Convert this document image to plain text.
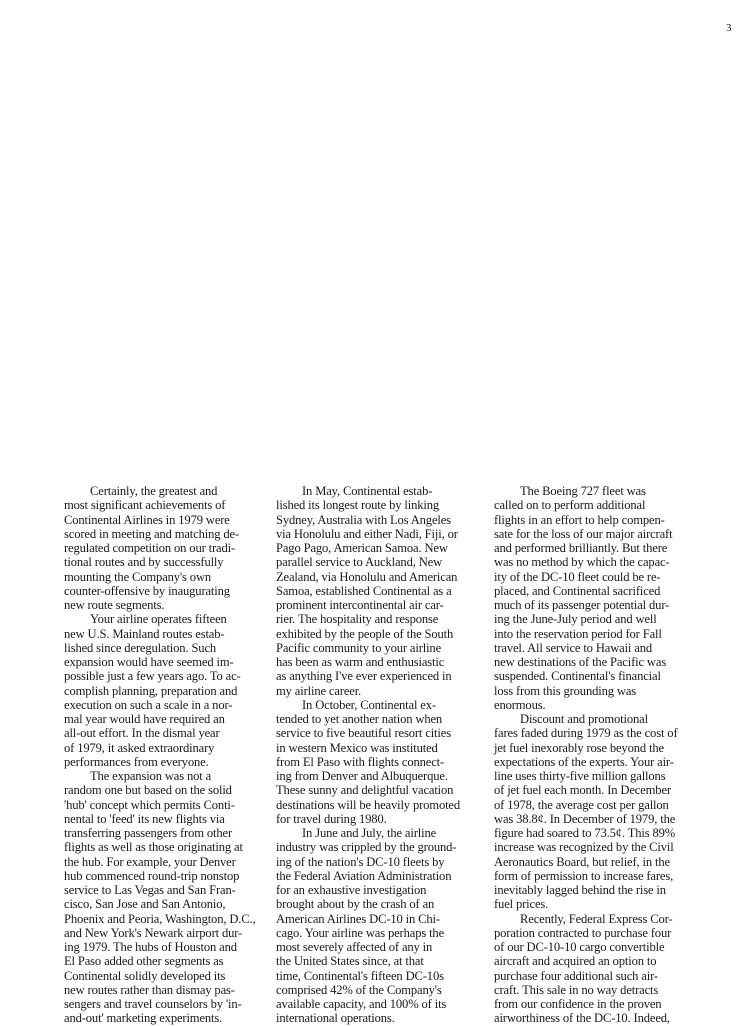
3

Certainly, the greatest and
most significant achievements of
Continental Airlines in 1979 were
scored in meeting and matching de-
regulated competition on our tradi-
tional routes and by successfully
mounting the Company's own
counter-offensive by inaugurating
new route segments.

Your airline operates fifteen
new U.S. Mainland routes estab-
lished since deregulation. Such
expansion would have seemed im-
possible just a few years ago. To ac-
complish planning, preparation and
execution on such a scale in a nor-
mal year would have required an
all-out effort. In the dismal year
of 1979, it asked extraordinary
performances from everyone.

The expansion was not a
random one but based on the solid
'hub' concept which permits Conti-
nental to 'feed' its new flights via
transferring passengers from other
flights as well as those originating at
the hub. For example, your Denver
hub commenced round-trip nonstop
service to Las Vegas and San Fran-
cisco, San Jose and San Antonio,
Phoenix and Peoria, Washington, D.C.,
and New York's Newark airport dur-
ing 1979. The hubs of Houston and
El Paso added other segments as
Continental solidly developed its
new routes rather than dismay pas-
sengers and travel counselors by 'in-
and-out' marketing experiments.

In May, Continental estab-
lished its longest route by linking
Sydney, Australia with Los Angeles
via Honolulu and either Nadi, Fiji, or
Pago Pago, American Samoa. New
parallel service to Auckland, New
Zealand, via Honolulu and American
Samoa, established Continental as a
prominent intercontinental air car-
rier. The hospitality and response
exhibited by the people of the South
Pacific community to your airline
has been as warm and enthusiastic
as anything I've ever experienced in
my airline career.

In October, Continental ex-
tended to yet another nation when
service to five beautiful resort cities
in western Mexico was instituted
from El Paso with flights connect-
ing from Denver and Albuquerque.
These sunny and delightful vacation
destinations will be heavily promoted
for travel during 1980.

In June and July, the airline
industry was crippled by the ground-
ing of the nation's DC-10 fleets by
the Federal Aviation Administration
for an exhaustive investigation
brought about by the crash of an
American Airlines DC-10 in Chi-
cago. Your airline was perhaps the
most severely affected of any in
the United States since, at that
time, Continental's fifteen DC-10s
comprised 42% of the Company's
available capacity, and 100% of its
international operations.

The Boeing 727 fleet was
called on to perform additional
flights in an effort to help compen-
sate for the loss of our major aircraft
and performed brilliantly. But there
was no method by which the capac-
ity of the DC-10 fleet could be re-
placed, and Continental sacrificed
much of its passenger potential dur-
ing the June-July period and well
into the reservation period for Fall
travel. All service to Hawaii and
new destinations of the Pacific was
suspended. Continental's financial
loss from this grounding was
enormous.

Discount and promotional
fares faded during 1979 as the cost of
jet fuel inexorably rose beyond the
expectations of the experts. Your air-
line uses thirty-five million gallons
of jet fuel each month. In December
of 1978, the average cost per gallon
was 38.8¢. In December of 1979, the
figure had soared to 73.5¢. This 89%
increase was recognized by the Civil
Aeronautics Board, but relief, in the
form of permission to increase fares,
inevitably lagged behind the rise in
fuel prices.

Recently, Federal Express Cor-
poration contracted to purchase four
of our DC-10-10 cargo convertible
aircraft and acquired an option to
purchase four additional such air-
craft. This sale in no way detracts
from our confidence in the proven
airworthiness of the DC-10. Indeed,
